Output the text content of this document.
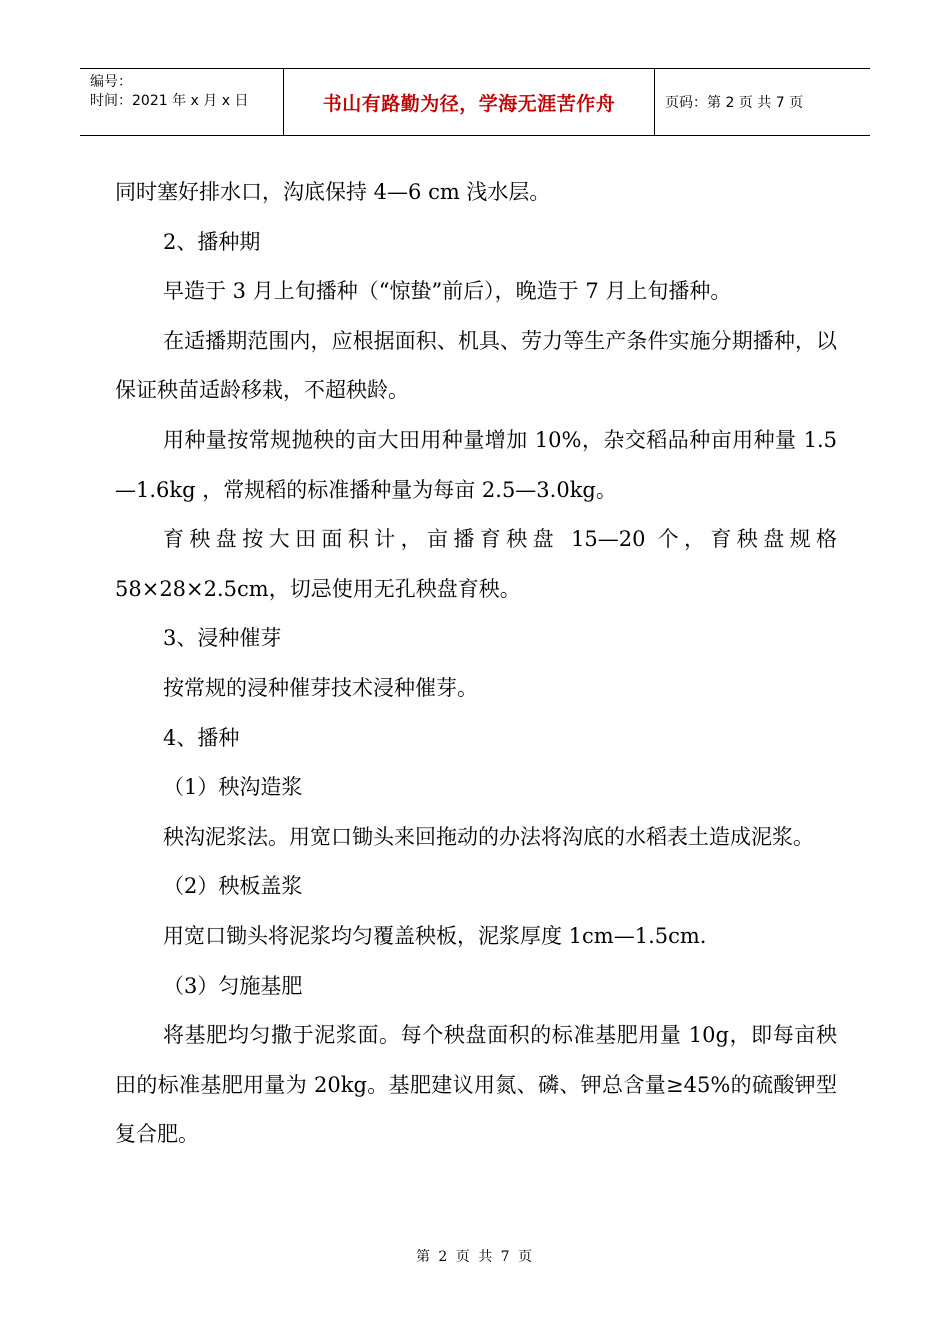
编号：
时间：2021 年 x 月 x 日	书山有路勤为径，学海无涯苦作舟	页码：第 2 页 共 7 页

同时塞好排水口，沟底保持 4—6 cm 浅水层。

2、播种期

早造于 3 月上旬播种（“惊蛰”前后），晚造于 7 月上旬播种。

在适播期范围内，应根据面积、机具、劳力等生产条件实施分期播种，以保证秧苗适龄移栽，不超秧龄。

用种量按常规抛秧的亩大田用种量增加 10%，杂交稻品种亩用种量 1.5—1.6kg ，常规稻的标准播种量为每亩 2.5—3.0kg。

育秧盘按大田面积计，亩播育秧盘 15—20 个，育秧盘规格58×28×2.5cm，切忌使用无孔秧盘育秧。

3、浸种催芽

按常规的浸种催芽技术浸种催芽。

4、播种

（1）秧沟造浆

秧沟泥浆法。用宽口锄头来回拖动的办法将沟底的水稻表土造成泥浆。

（2）秧板盖浆

用宽口锄头将泥浆均匀覆盖秧板，泥浆厚度 1cm—1.5cm.

（3）匀施基肥

将基肥均匀撒于泥浆面。每个秧盘面积的标准基肥用量 10g，即每亩秧田的标准基肥用量为 20kg。基肥建议用氮、磷、钾总含量≥45%的硫酸钾型复合肥。

第 2 页 共 7 页
